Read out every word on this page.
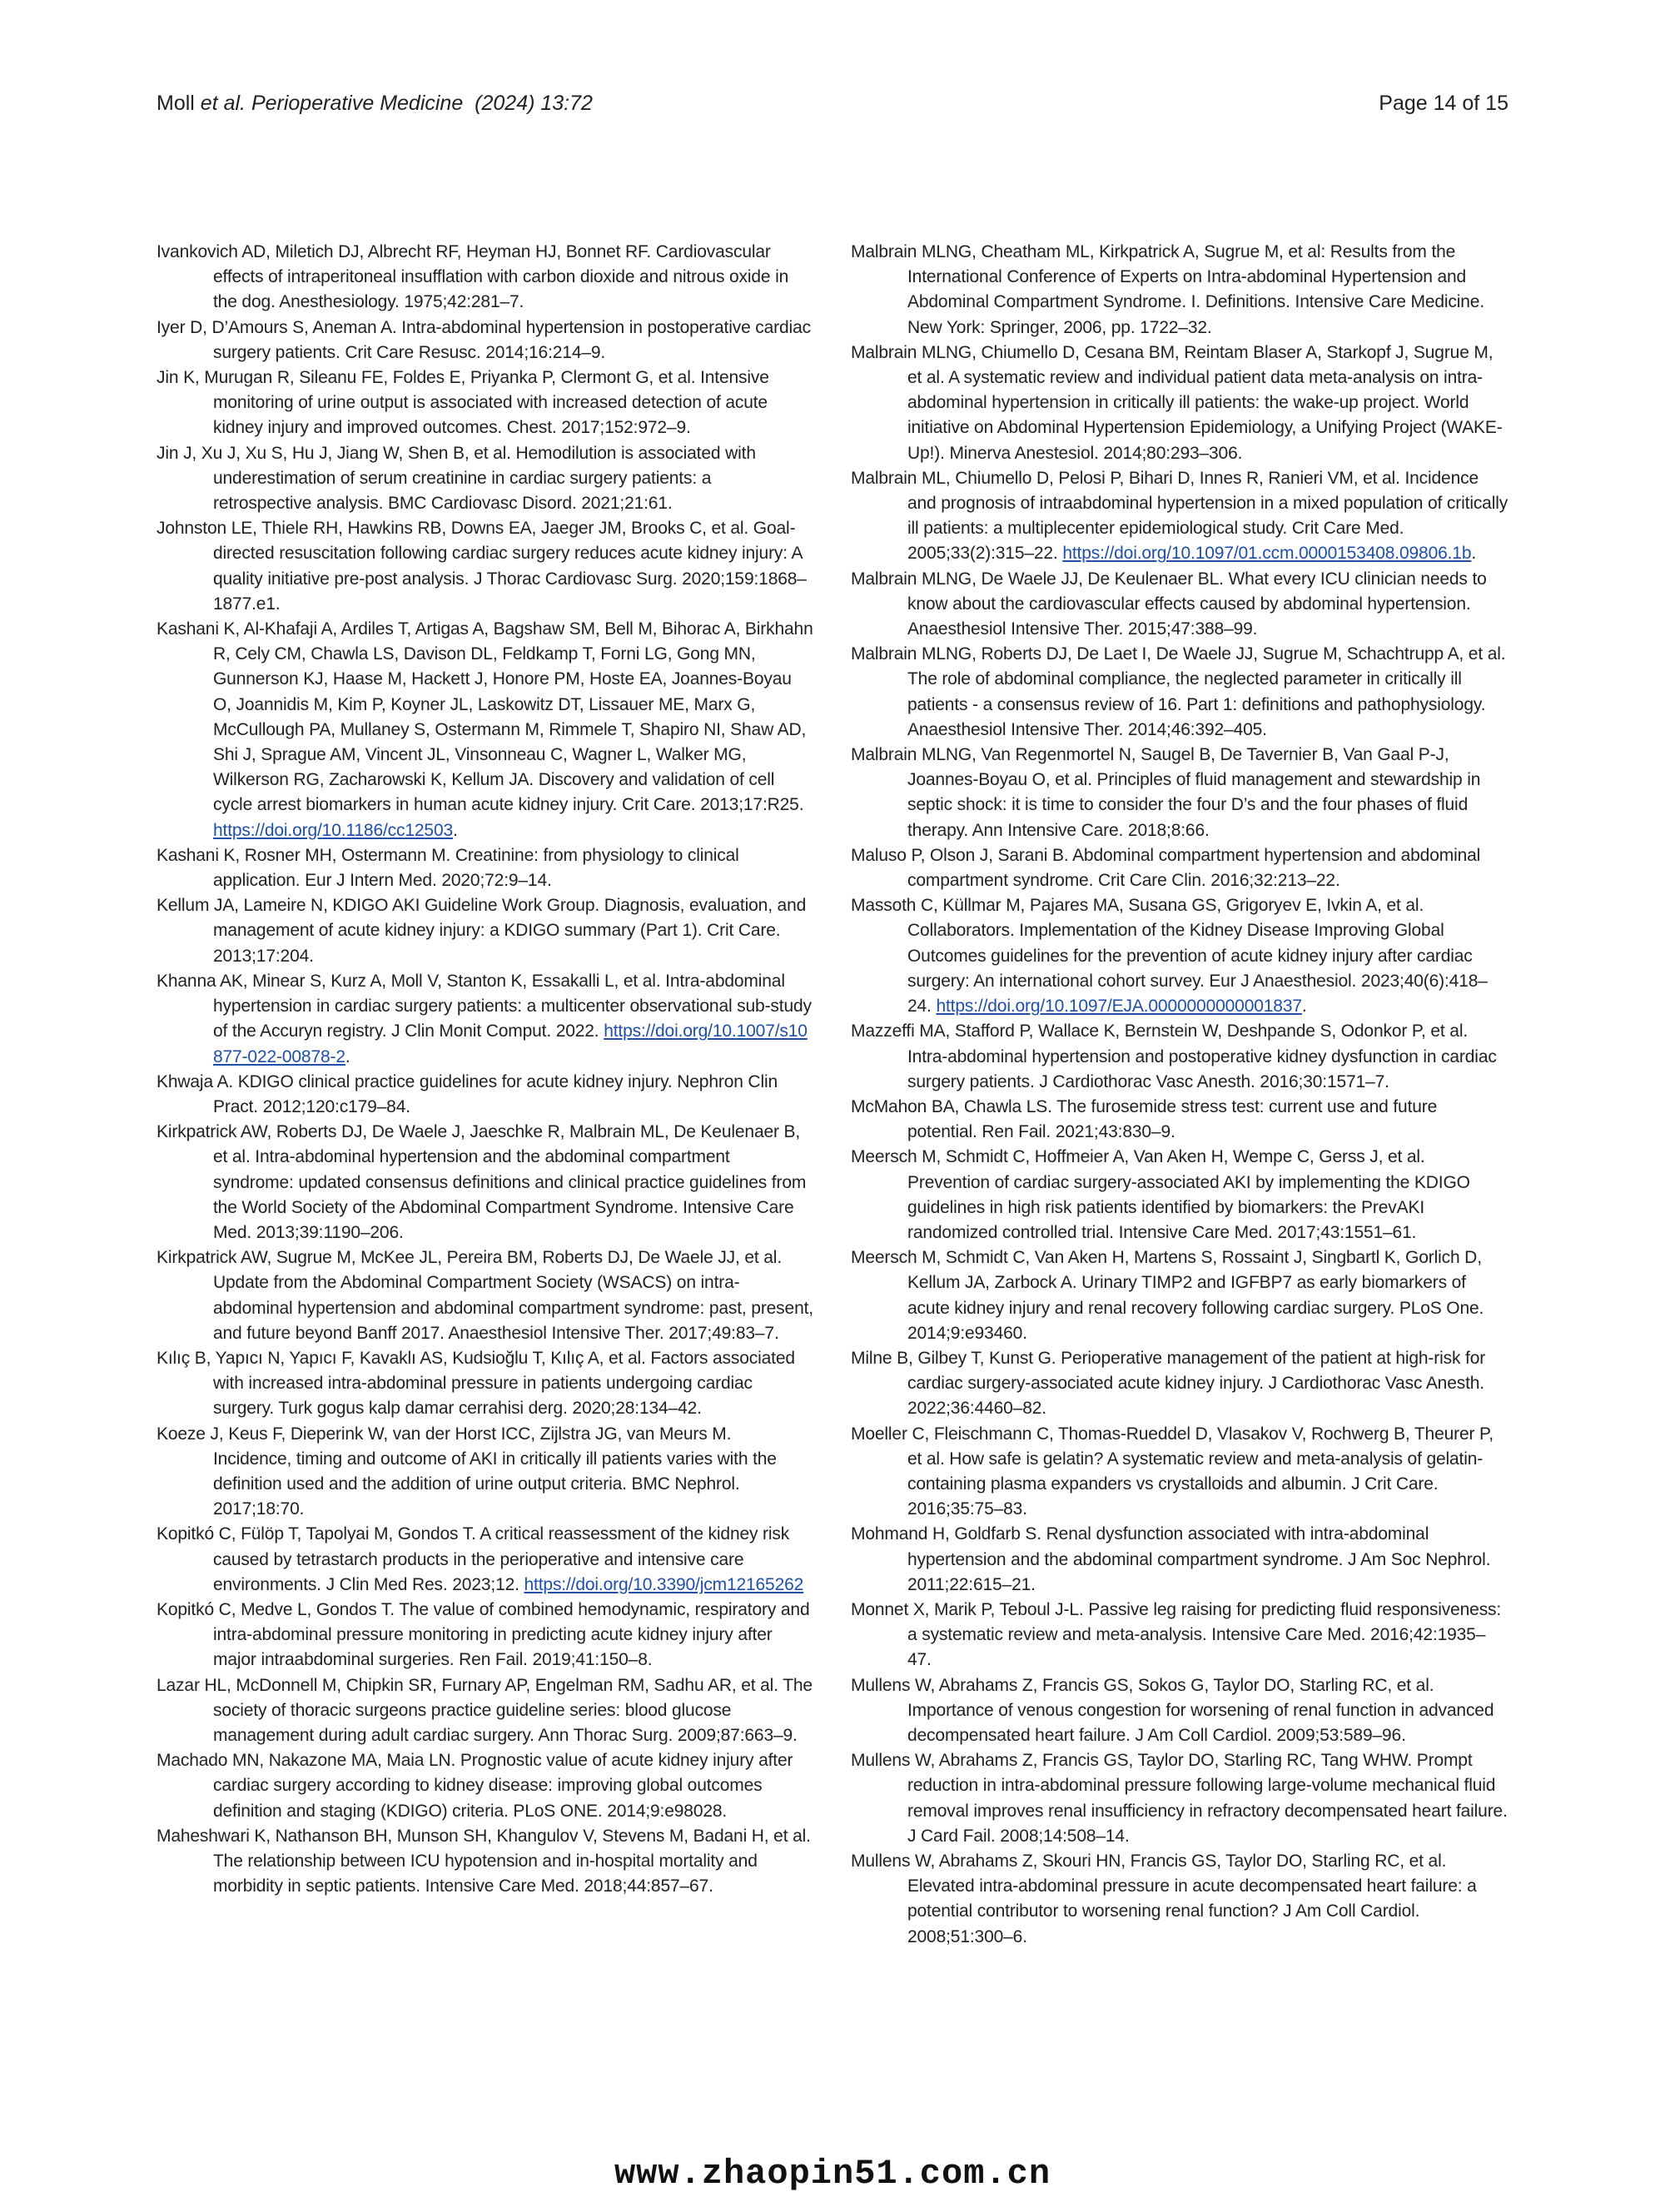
Moll et al. Perioperative Medicine (2024) 13:72	Page 14 of 15

Ivankovich AD, Miletich DJ, Albrecht RF, Heyman HJ, Bonnet RF. Cardiovascular effects of intraperitoneal insufflation with carbon dioxide and nitrous oxide in the dog. Anesthesiology. 1975;42:281–7.

Iyer D, D’Amours S, Aneman A. Intra-abdominal hypertension in postoperative cardiac surgery patients. Crit Care Resusc. 2014;16:214–9.

Jin K, Murugan R, Sileanu FE, Foldes E, Priyanka P, Clermont G, et al. Intensive monitoring of urine output is associated with increased detection of acute kidney injury and improved outcomes. Chest. 2017;152:972–9.

Jin J, Xu J, Xu S, Hu J, Jiang W, Shen B, et al. Hemodilution is associated with underestimation of serum creatinine in cardiac surgery patients: a retrospective analysis. BMC Cardiovasc Disord. 2021;21:61.

Johnston LE, Thiele RH, Hawkins RB, Downs EA, Jaeger JM, Brooks C, et al. Goal-directed resuscitation following cardiac surgery reduces acute kidney injury: A quality initiative pre-post analysis. J Thorac Cardiovasc Surg. 2020;159:1868–1877.e1.

Kashani K, Al-Khafaji A, Ardiles T, Artigas A, Bagshaw SM, Bell M, Bihorac A, Birkhahn R, Cely CM, Chawla LS, Davison DL, Feldkamp T, Forni LG, Gong MN, Gunnerson KJ, Haase M, Hackett J, Honore PM, Hoste EA, Joannes-Boyau O, Joannidis M, Kim P, Koyner JL, Laskowitz DT, Lissauer ME, Marx G, McCullough PA, Mullaney S, Ostermann M, Rimmele T, Shapiro NI, Shaw AD, Shi J, Sprague AM, Vincent JL, Vinsonneau C, Wagner L, Walker MG, Wilkerson RG, Zacharowski K, Kellum JA. Discovery and validation of cell cycle arrest biomarkers in human acute kidney injury. Crit Care. 2013;17:R25. https://doi.org/10.1186/cc12503.

Kashani K, Rosner MH, Ostermann M. Creatinine: from physiology to clinical application. Eur J Intern Med. 2020;72:9–14.

Kellum JA, Lameire N, KDIGO AKI Guideline Work Group. Diagnosis, evaluation, and management of acute kidney injury: a KDIGO summary (Part 1). Crit Care. 2013;17:204.

Khanna AK, Minear S, Kurz A, Moll V, Stanton K, Essakalli L, et al. Intra-abdominal hypertension in cardiac surgery patients: a multicenter observational sub-study of the Accuryn registry. J Clin Monit Comput. 2022. https://doi.org/10.1007/s10877-022-00878-2.

Khwaja A. KDIGO clinical practice guidelines for acute kidney injury. Nephron Clin Pract. 2012;120:c179–84.

Kirkpatrick AW, Roberts DJ, De Waele J, Jaeschke R, Malbrain ML, De Keulenaer B, et al. Intra-abdominal hypertension and the abdominal compartment syndrome: updated consensus definitions and clinical practice guidelines from the World Society of the Abdominal Compartment Syndrome. Intensive Care Med. 2013;39:1190–206.

Kirkpatrick AW, Sugrue M, McKee JL, Pereira BM, Roberts DJ, De Waele JJ, et al. Update from the Abdominal Compartment Society (WSACS) on intra-abdominal hypertension and abdominal compartment syndrome: past, present, and future beyond Banff 2017. Anaesthesiol Intensive Ther. 2017;49:83–7.

Kılıç B, Yapıcı N, Yapıcı F, Kavaklı AS, Kudsioğlu T, Kılıç A, et al. Factors associated with increased intra-abdominal pressure in patients undergoing cardiac surgery. Turk gogus kalp damar cerrahisi derg. 2020;28:134–42.

Koeze J, Keus F, Dieperink W, van der Horst ICC, Zijlstra JG, van Meurs M. Incidence, timing and outcome of AKI in critically ill patients varies with the definition used and the addition of urine output criteria. BMC Nephrol. 2017;18:70.

Kopitkó C, Fülöp T, Tapolyai M, Gondos T. A critical reassessment of the kidney risk caused by tetrastarch products in the perioperative and intensive care environments. J Clin Med Res. 2023;12. https://doi.org/10.3390/jcm12165262

Kopitkó C, Medve L, Gondos T. The value of combined hemodynamic, respiratory and intra-abdominal pressure monitoring in predicting acute kidney injury after major intraabdominal surgeries. Ren Fail. 2019;41:150–8.

Lazar HL, McDonnell M, Chipkin SR, Furnary AP, Engelman RM, Sadhu AR, et al. The society of thoracic surgeons practice guideline series: blood glucose management during adult cardiac surgery. Ann Thorac Surg. 2009;87:663–9.

Machado MN, Nakazone MA, Maia LN. Prognostic value of acute kidney injury after cardiac surgery according to kidney disease: improving global outcomes definition and staging (KDIGO) criteria. PLoS ONE. 2014;9:e98028.

Maheshwari K, Nathanson BH, Munson SH, Khangulov V, Stevens M, Badani H, et al. The relationship between ICU hypotension and in-hospital mortality and morbidity in septic patients. Intensive Care Med. 2018;44:857–67.

Malbrain MLNG, Cheatham ML, Kirkpatrick A, Sugrue M, et al: Results from the International Conference of Experts on Intra-abdominal Hypertension and Abdominal Compartment Syndrome. I. Definitions. Intensive Care Medicine. New York: Springer, 2006, pp. 1722–32.

Malbrain MLNG, Chiumello D, Cesana BM, Reintam Blaser A, Starkopf J, Sugrue M, et al. A systematic review and individual patient data meta-analysis on intra-abdominal hypertension in critically ill patients: the wake-up project. World initiative on Abdominal Hypertension Epidemiology, a Unifying Project (WAKE-Up!). Minerva Anestesiol. 2014;80:293–306.

Malbrain ML, Chiumello D, Pelosi P, Bihari D, Innes R, Ranieri VM, et al. Incidence and prognosis of intraabdominal hypertension in a mixed population of critically ill patients: a multiplecenter epidemiological study. Crit Care Med. 2005;33(2):315–22. https://doi.org/10.1097/01.ccm.0000153408.09806.1b.

Malbrain MLNG, De Waele JJ, De Keulenaer BL. What every ICU clinician needs to know about the cardiovascular effects caused by abdominal hypertension. Anaesthesiol Intensive Ther. 2015;47:388–99.

Malbrain MLNG, Roberts DJ, De Laet I, De Waele JJ, Sugrue M, Schachtrupp A, et al. The role of abdominal compliance, the neglected parameter in critically ill patients - a consensus review of 16. Part 1: definitions and pathophysiology. Anaesthesiol Intensive Ther. 2014;46:392–405.

Malbrain MLNG, Van Regenmortel N, Saugel B, De Tavernier B, Van Gaal P-J, Joannes-Boyau O, et al. Principles of fluid management and stewardship in septic shock: it is time to consider the four D’s and the four phases of fluid therapy. Ann Intensive Care. 2018;8:66.

Maluso P, Olson J, Sarani B. Abdominal compartment hypertension and abdominal compartment syndrome. Crit Care Clin. 2016;32:213–22.

Massoth C, Küllmar M, Pajares MA, Susana GS, Grigoryev E, Ivkin A, et al. Collaborators. Implementation of the Kidney Disease Improving Global Outcomes guidelines for the prevention of acute kidney injury after cardiac surgery: An international cohort survey. Eur J Anaesthesiol. 2023;40(6):418–24. https://doi.org/10.1097/EJA.0000000000001837.

Mazzeffi MA, Stafford P, Wallace K, Bernstein W, Deshpande S, Odonkor P, et al. Intra-abdominal hypertension and postoperative kidney dysfunction in cardiac surgery patients. J Cardiothorac Vasc Anesth. 2016;30:1571–7.

McMahon BA, Chawla LS. The furosemide stress test: current use and future potential. Ren Fail. 2021;43:830–9.

Meersch M, Schmidt C, Hoffmeier A, Van Aken H, Wempe C, Gerss J, et al. Prevention of cardiac surgery-associated AKI by implementing the KDIGO guidelines in high risk patients identified by biomarkers: the PrevAKI randomized controlled trial. Intensive Care Med. 2017;43:1551–61.

Meersch M, Schmidt C, Van Aken H, Martens S, Rossaint J, Singbartl K, Gorlich D, Kellum JA, Zarbock A. Urinary TIMP2 and IGFBP7 as early biomarkers of acute kidney injury and renal recovery following cardiac surgery. PLoS One. 2014;9:e93460.

Milne B, Gilbey T, Kunst G. Perioperative management of the patient at high-risk for cardiac surgery-associated acute kidney injury. J Cardiothorac Vasc Anesth. 2022;36:4460–82.

Moeller C, Fleischmann C, Thomas-Rueddel D, Vlasakov V, Rochwerg B, Theurer P, et al. How safe is gelatin? A systematic review and meta-analysis of gelatin-containing plasma expanders vs crystalloids and albumin. J Crit Care. 2016;35:75–83.

Mohmand H, Goldfarb S. Renal dysfunction associated with intra-abdominal hypertension and the abdominal compartment syndrome. J Am Soc Nephrol. 2011;22:615–21.

Monnet X, Marik P, Teboul J-L. Passive leg raising for predicting fluid responsiveness: a systematic review and meta-analysis. Intensive Care Med. 2016;42:1935–47.

Mullens W, Abrahams Z, Francis GS, Sokos G, Taylor DO, Starling RC, et al. Importance of venous congestion for worsening of renal function in advanced decompensated heart failure. J Am Coll Cardiol. 2009;53:589–96.

Mullens W, Abrahams Z, Francis GS, Taylor DO, Starling RC, Tang WHW. Prompt reduction in intra-abdominal pressure following large-volume mechanical fluid removal improves renal insufficiency in refractory decompensated heart failure. J Card Fail. 2008;14:508–14.

Mullens W, Abrahams Z, Skouri HN, Francis GS, Taylor DO, Starling RC, et al. Elevated intra-abdominal pressure in acute decompensated heart failure: a potential contributor to worsening renal function? J Am Coll Cardiol. 2008;51:300–6.

www.zhaopin51.com.cn
